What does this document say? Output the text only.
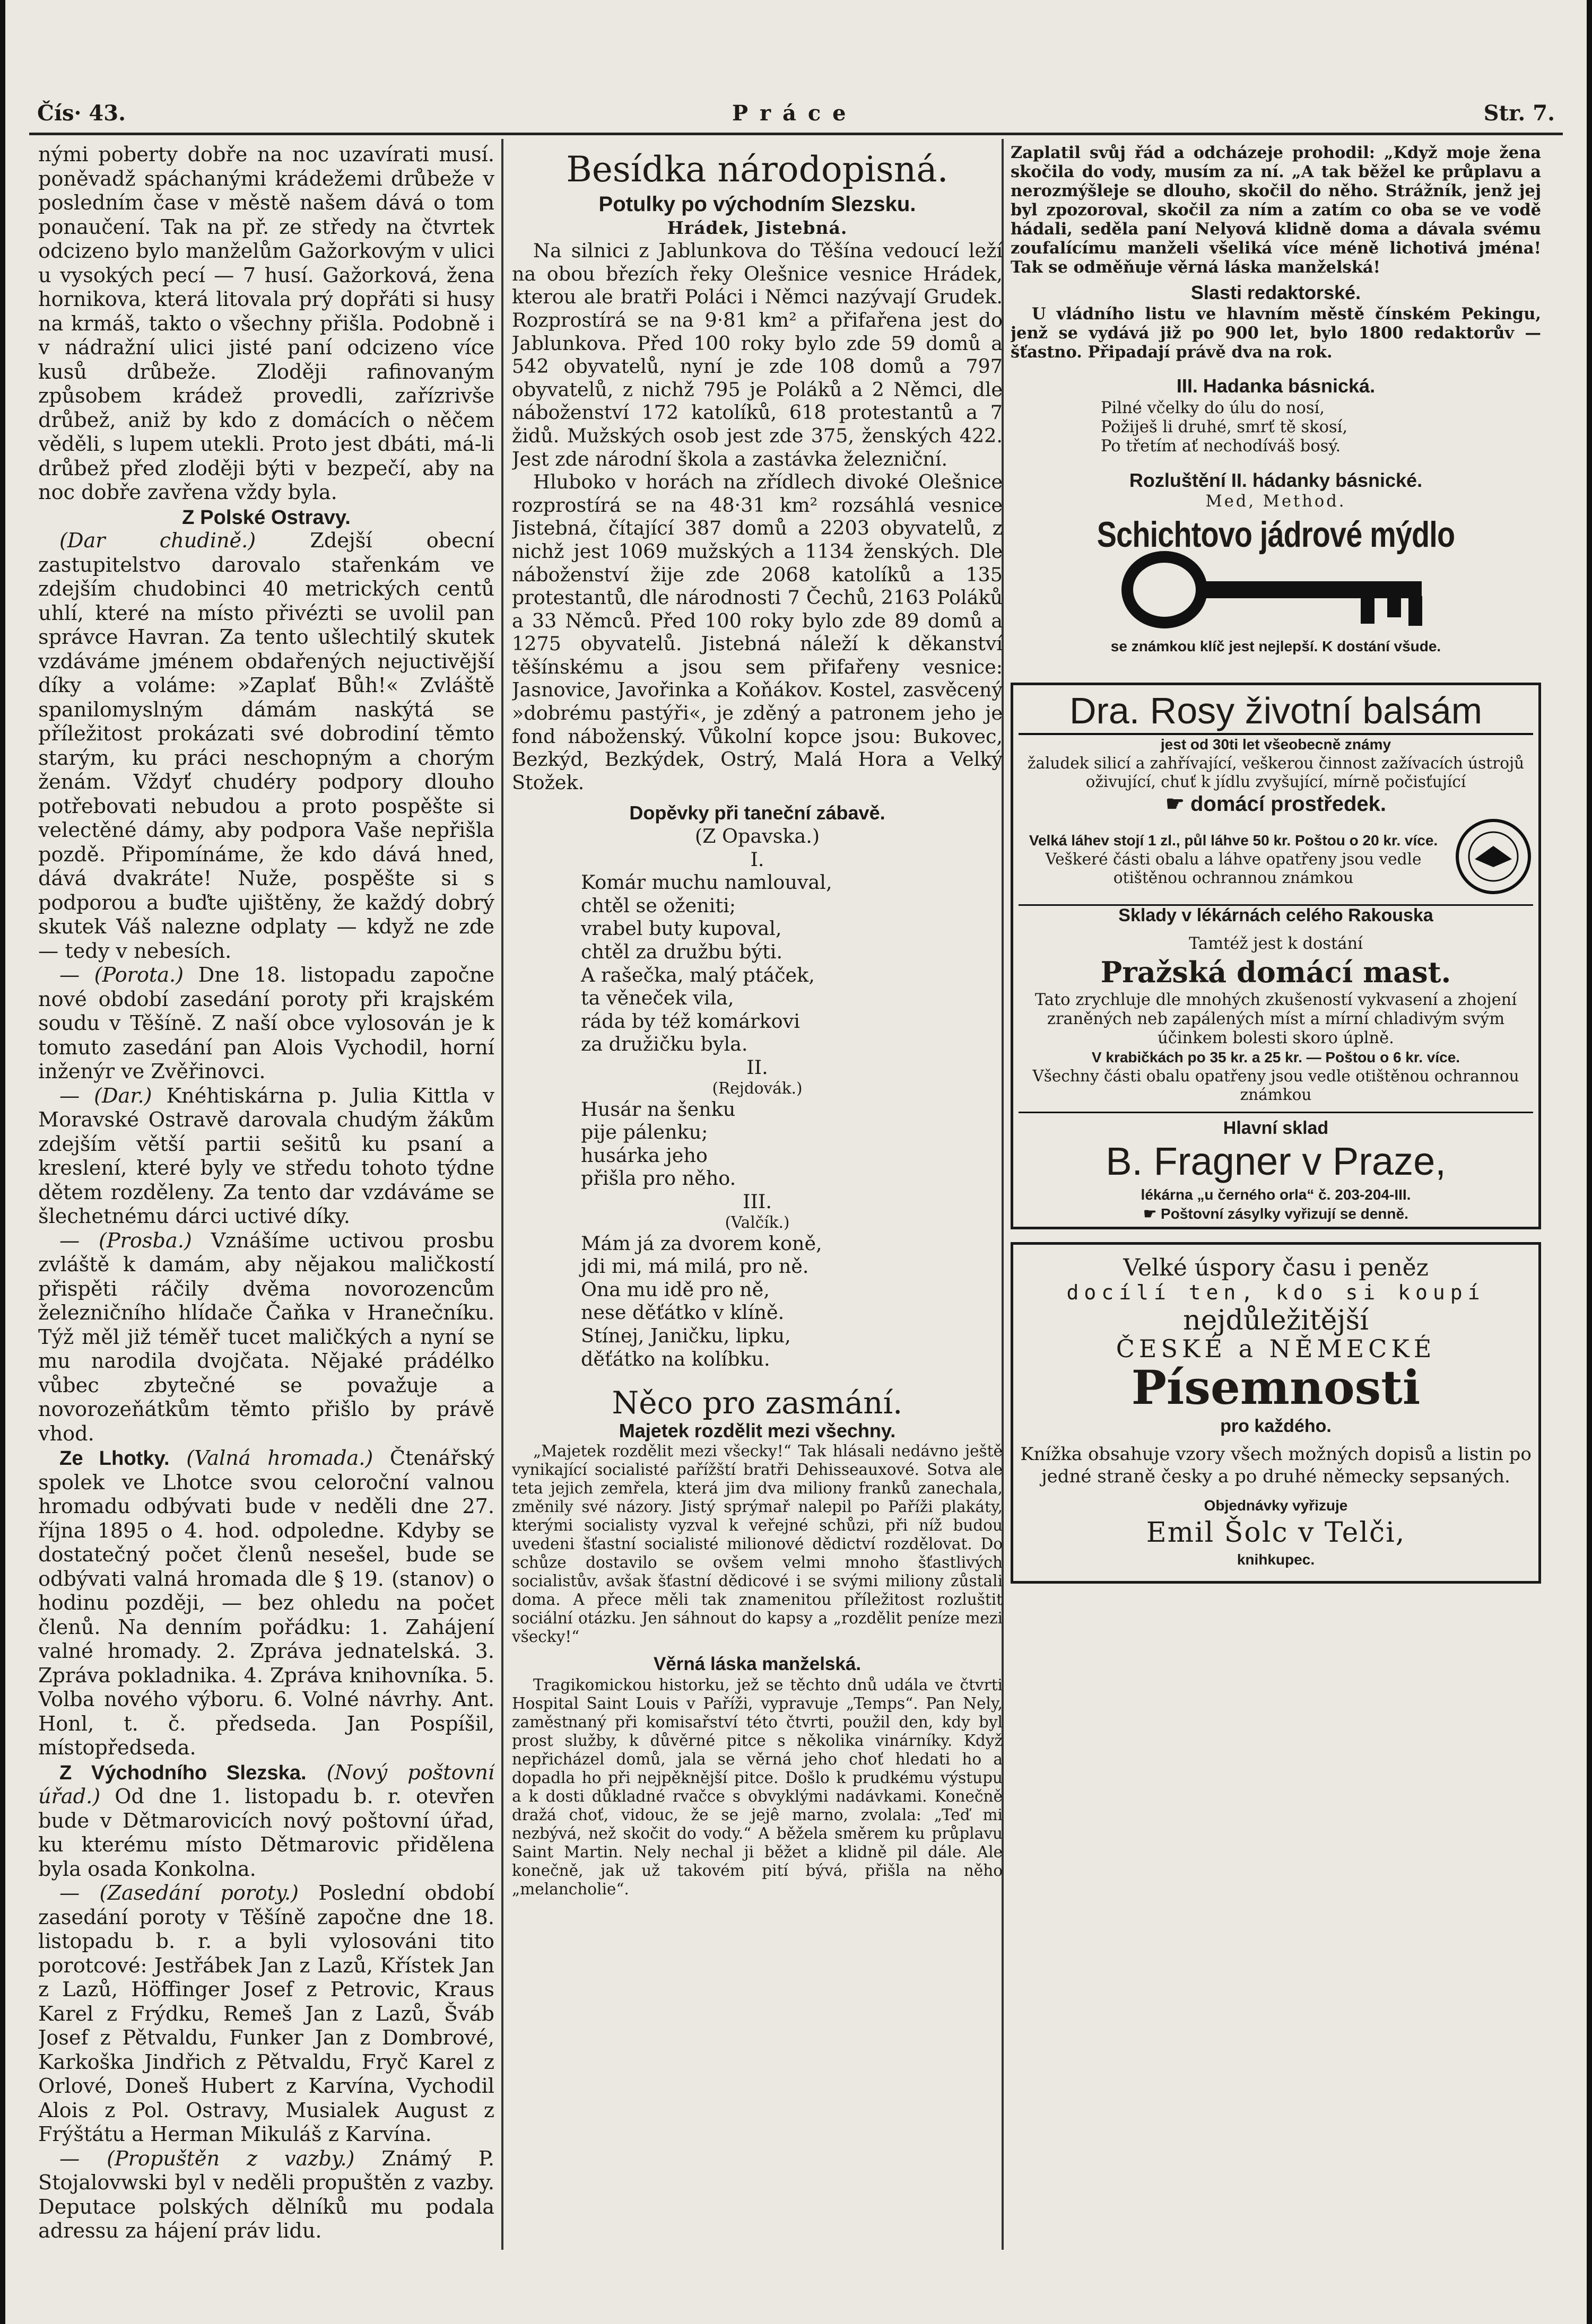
Čís· 43.	P r á c e	Str. 7.

nými poberty dobře na noc uzavírati musí. poněvadž spáchanými krádežemi drůbeže v posledním čase v městě našem dává o tom ponaučení. Tak na př. ze středy na čtvrtek odcizeno bylo manželům Gažorkovým v ulici u vysokých pecí — 7 husí. Gažorková, žena hornikova, která litovala prý dopřáti si husy na krmáš, takto o všechny přišla. Podobně i v nádražní ulici jisté paní odcizeno více kusů drůbeže. Zloději rafinovaným způsobem krádež provedli, zařízrivše drůbež, aniž by kdo z domácích o něčem věděli, s lupem utekli. Proto jest dbáti, má-li drůbež před zloději býti v bezpečí, aby na noc dobře zavřena vždy byla.

Z Polské Ostravy.

(Dar chudině.)	Zdejší obecní zastupitelstvo darovalo stařenkám ve zdejším chudobinci 40 metrických centů uhlí, které na místo přivézti se uvolil pan správce Havran. Za tento ušlechtilý skutek vzdáváme jménem obdařených nejuctivější díky a voláme: »Zaplať Bůh!« Zvláště spanilomyslným dámám naskýtá se příležitost prokázati své dobrodiní těmto starým, ku práci neschopným a chorým ženám. Vždyť chudéry podpory dlouho potřebovati nebudou a proto pospěšte si velectěné dámy, aby podpora Vaše nepřišla pozdě. Připomínáme, že kdo dává hned, dává dvakráte! Nuže, pospěšte si s podporou a buďte ujištěny, že každý dobrý skutek Váš nalezne odplaty — když ne zde — tedy v nebesích.

— (Porota.) Dne 18. listopadu započne nové období zasedání poroty při krajském soudu v Těšíně. Z naší obce vylosován je k tomuto zasedání pan Alois Vychodil, horní inženýr ve Zvěřinovci.

— (Dar.) Knéhtiskárna p. Julia Kittla v Moravské Ostravě darovala chudým žákům zdejším větší partii sešitů ku psaní a kreslení, které byly ve středu tohoto týdne dětem rozděleny. Za tento dar vzdáváme se šlechetnému dárci uctivé díky.

— (Prosba.) Vznášíme uctivou prosbu zvláště k damám, aby nějakou maličkostí přispěti ráčily dvěma novorozencům železničního hlídače Čaňka v Hranečníku. Týž měl již téměř tucet maličkých a nyní se mu narodila dvojčata. Nějaké prádélko vůbec zbytečné se považuje a novorozeňátkům těmto přišlo by právě vhod.

Ze Lhotky. (Valná hromada.) Čtenářský spolek ve Lhotce svou celoroční valnou hromadu odbývati bude v neděli dne 27. října 1895 o 4. hod. odpoledne. Kdyby se dostatečný počet členů nesešel, bude se odbývati valná hromada dle § 19. (stanov) o hodinu později, — bez ohledu na počet členů. Na denním pořádku: 1. Zahájení valné hromady. 2. Zpráva jednatelská. 3. Zpráva pokladnika. 4. Zpráva knihovníka. 5. Volba nového výboru. 6. Volné návrhy. Ant. Honl, t. č. předseda. Jan Pospíšil, místopředseda.

Z Východního Slezska. (Nový poštovní úřad.) Od dne 1. listopadu b. r. otevřen bude v Dětmarovicích nový poštovní úřad, ku kterému místo Dětmarovic přidělena byla osada Konkolna.

— (Zasedání poroty.) Poslední období zasedání poroty v Těšíně započne dne 18. listopadu b. r. a byli vylosováni tito porotcové: Jestřábek Jan z Lazů, Křístek Jan z Lazů, Höffinger Josef z Petrovic, Kraus Karel z Frýdku, Remeš Jan z Lazů, Šváb Josef z Pětvaldu, Funker Jan z Dombrové, Karkoška Jindřich z Pětvaldu, Fryč Karel z Orlové, Doneš Hubert z Karvína, Vychodil Alois z Pol. Ostravy, Musialek August z Frýštátu a Herman Mikuláš z Karvína.

— (Propuštěn z vazby.) Známý P. Stojalovwski byl v neděli propuštěn z vazby. Deputace polských dělníků mu podala adressu za hájení práv lidu.

Besídka národopisná.
Potulky po východním Slezsku.
Hrádek, Jistebná.

Na silnici z Jablunkova do Těšína vedoucí leží na obou březích řeky Olešnice vesnice Hrádek, kterou ale bratři Poláci i Němci nazývají Grudek. Rozprostírá se na 9·81 km² a přifařena jest do Jablunkova. Před 100 roky bylo zde 59 domů a 542 obyvatelů, nyní je zde 108 domů a 797 obyvatelů, z nichž 795 je Poláků a 2 Němci, dle náboženství 172 katolíků, 618 protestantů a 7 židů. Mužských osob jest zde 375, ženských 422. Jest zde národní škola a zastávka železniční.

Hluboko v horách na zřídlech divoké Olešnice rozprostírá se na 48·31 km² rozsáhlá vesnice Jistebná, čítající 387 domů a 2203 obyvatelů, z nichž jest 1069 mužských a 1134 ženských. Dle náboženství žije zde 2068 katolíků a 135 protestantů, dle národnosti 7 Čechů, 2163 Poláků a 33 Němců. Před 100 roky bylo zde 89 domů a 1275 obyvatelů. Jistebná náleží k děkanství těšínskému a jsou sem přifařeny vesnice: Jasnovice, Javořinka a Koňákov. Kostel, zasvěcený »dobrému pastýři«, je zděný a patronem jeho je fond náboženský. Vůkolní kopce jsou: Bukovec, Bezkýd, Bezkýdek, Ostrý, Malá Hora a Velký Stožek.

Dopěvky při taneční zábavě.

(Z Opavska.)

I.

Komár muchu namlouval,

chtěl se oženiti;

vrabel buty kupoval,

chtěl za družbu býti.

A rašečka, malý ptáček,

ta věneček vila,

ráda by též komárkovi

za družičku byla.

II.

(Rejdovák.)

Husár na šenku

pije pálenku;

husárka jeho

přišla pro něho.

III.

(Valčík.)

Mám já za dvorem koně,

jdi mi, má milá, pro ně.

Ona mu idě pro ně,

nese děťátko v klíně.

Stínej, Janičku, lipku,

děťátko na kolíbku.

Něco pro zasmání.
Majetek rozdělit mezi všechny.

„Majetek rozdělit mezi všecky!“ Tak hlásali nedávno ještě vynikající socialisté pařížští bratři Dehisseauxové. Sotva ale teta jejich zemřela, která jim dva miliony franků zanechala, změnily své názory. Jistý sprýmař nalepil po Paříži plakáty, kterými socialisty vyzval k veřejné schůzi, při níž budou uvedeni šťastní socialisté milionové dědictví rozdělovat. Do schůze dostavilo se ovšem velmi mnoho šťastlivých socialistův, avšak šťastní dědicové i se svými miliony zůstali doma. A přece měli tak znamenitou příležitost rozluštit sociální otázku. Jen sáhnout do kapsy a „rozdělit peníze mezi všecky!“

Věrná láska manželská.

Tragikomickou historku, jež se těchto dnů udála ve čtvrti Hospital Saint Louis v Paříži, vypravuje „Temps“. Pan Nely, zaměstnaný při komisařství této čtvrti, použil den, kdy byl prost služby, k důvěrné pitce s několika vinárníky. Když nepřicházel domů, jala se věrná jeho choť hledati ho a dopadla ho při nejpěknější pitce. Došlo k prudkému výstupu a k dosti důkladné rvačce s obvyklými nadávkami. Konečně dražá choť, vidouc, že se jejê marno, zvolala: „Teď mi nezbývá, než skočit do vody.“ A běžela směrem ku průplavu Saint Martin. Nely nechal ji běžet a klidně pil dále. Ale konečně, jak už takovém pití bývá, přišla na něho „melancholie“.

Zaplatil svůj řád a odcházeje prohodil: „Když moje žena skočila do vody, musím za ní. „A tak běžel ke průplavu a nerozmýšleje se dlouho, skočil do něho. Strážník, jenž jej byl zpozoroval, skočil za ním a zatím co oba se ve vodě hádali, seděla paní Nelyová klidně doma a dávala svému zoufalícímu manželi všeliká více méně lichotivá jména! Tak se odměňuje věrná láska manželská!

Slasti redaktorské.

U vládního listu ve hlavním městě čínském Pekingu, jenž se vydává již po 900 let, bylo 1800 redaktorův — šťastno. Připadají právě dva na rok.

III. Hadanka básnická.

Pilné včelky do úlu do nosí,

Požiješ li druhé, smrť tě skosí,

Po třetím ať nechodíváš bosý.

Rozluštění II. hádanky básnické.

Med, Method.

Schichtovo jádrové mýdlo

se známkou klíč jest nejlepší. K dostání všude.

Dra. Rosy životní balsám

jest od 30ti let všeobecně známy

žaludek silicí a zahřívající, veškerou činnost zažívacích ústrojů oživující, chuť k jídlu zvyšující, mírně počisťující

☛ domácí prostředek.

Velká láhev stojí 1 zl., půl láhve 50 kr. Poštou o 20 kr. více.

Veškeré části obalu a láhve opatřeny jsou vedle otištěnou ochrannou známkou

Sklady v lékárnách celého Rakouska

Tamtéž jest k dostání

Pražská domácí mast.

Tato zrychluje dle mnohých zkušeností vykvasení a zhojení zraněných neb zapálených míst a mírní chladivým svým účinkem bolesti skoro úplně.

V krabičkách po 35 kr. a 25 kr. — Poštou o 6 kr. více.

Všechny části obalu opatřeny jsou vedle otištěnou ochrannou známkou

Hlavní sklad

B. Fragner v Praze,

lékárna „u černého orla“ č. 203-204-III.

☛ Poštovní zásylky vyřizují se denně.

Velké úspory času i peněz

docílí ten, kdo si koupí

nejdůležitější

ČESKÉ a NĚMECKÉ

Písemnosti

pro každého.

Knížka obsahuje vzory všech možných dopisů a listin po jedné straně česky a po druhé německy sepsaných.

Objednávky vyřizuje

Emil Šolc v Telči,

knihkupec.
